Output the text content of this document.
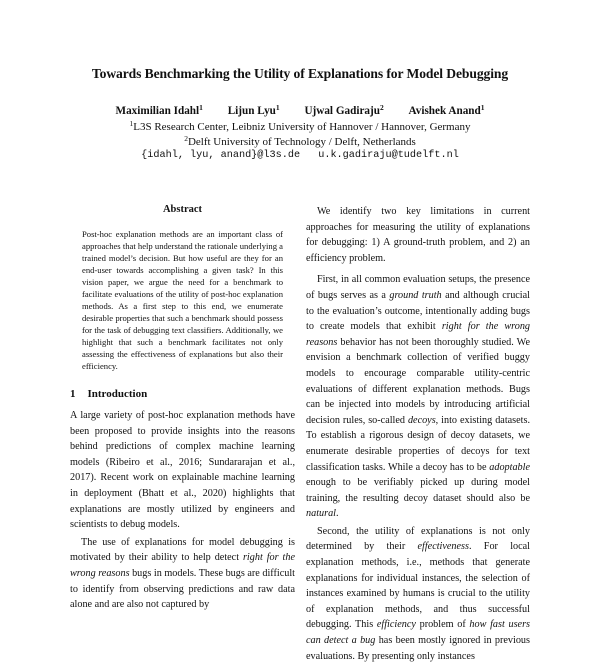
Towards Benchmarking the Utility of Explanations for Model Debugging
Maximilian Idahl$^1$ Lijun Lyu$^1$ Ujwal Gadiraju$^2$ Avishek Anand$^1$
$^1$L3S Research Center, Leibniz University of Hannover / Hannover, Germany
$^2$Delft University of Technology / Delft, Netherlands
{idahl, lyu, anand}@l3s.de u.k.gadiraju@tudelft.nl
Abstract
Post-hoc explanation methods are an important class of approaches that help understand the rationale underlying a trained model’s decision. But how useful are they for an end-user towards accomplishing a given task? In this vision paper, we argue the need for a benchmark to facilitate evaluations of the utility of post-hoc explanation methods. As a first step to this end, we enumerate desirable properties that such a benchmark should possess for the task of debugging text classifiers. Additionally, we highlight that such a benchmark facilitates not only assessing the effectiveness of explanations but also their efficiency.
1 Introduction

A large variety of post-hoc explanation methods have been proposed to provide insights into the reasons behind predictions of complex machine learning models (Ribeiro et al., 2016; Sundararajan et al., 2017). Recent work on explainable machine learning in deployment (Bhatt et al., 2020) highlights that explanations are mostly utilized by engineers and scientists to debug models.

The use of explanations for model debugging is motivated by their ability to help detect right for the wrong reasons bugs in models. These bugs are difficult to identify from observing predictions and raw data alone and are also not captured by

We identify two key limitations in current approaches for measuring the utility of explanations for debugging: 1) A ground-truth problem, and 2) an efficiency problem.

First, in all common evaluation setups, the presence of bugs serves as a ground truth and although crucial to the evaluation’s outcome, intentionally adding bugs to create models that exhibit right for the wrong reasons behavior has not been thoroughly studied. We envision a benchmark collection of verified buggy models to encourage comparable utility-centric evaluations of different explanation methods. Bugs can be injected into models by introducing artificial decision rules, so-called decoys, into existing datasets. To establish a rigorous design of decoy datasets, we enumerate desirable properties of decoys for text classification tasks. While a decoy has to be adoptable enough to be verifiably picked up during model training, the resulting decoy dataset should also be natural.

Second, the utility of explanations is not only determined by their effectiveness. For local explanation methods, i.e., methods that generate explanations for individual instances, the selection of instances examined by humans is crucial to the utility of explanation methods, and thus successful debugging. This efficiency problem of how fast users can detect a bug has been mostly ignored in previous evaluations. By presenting only instances
